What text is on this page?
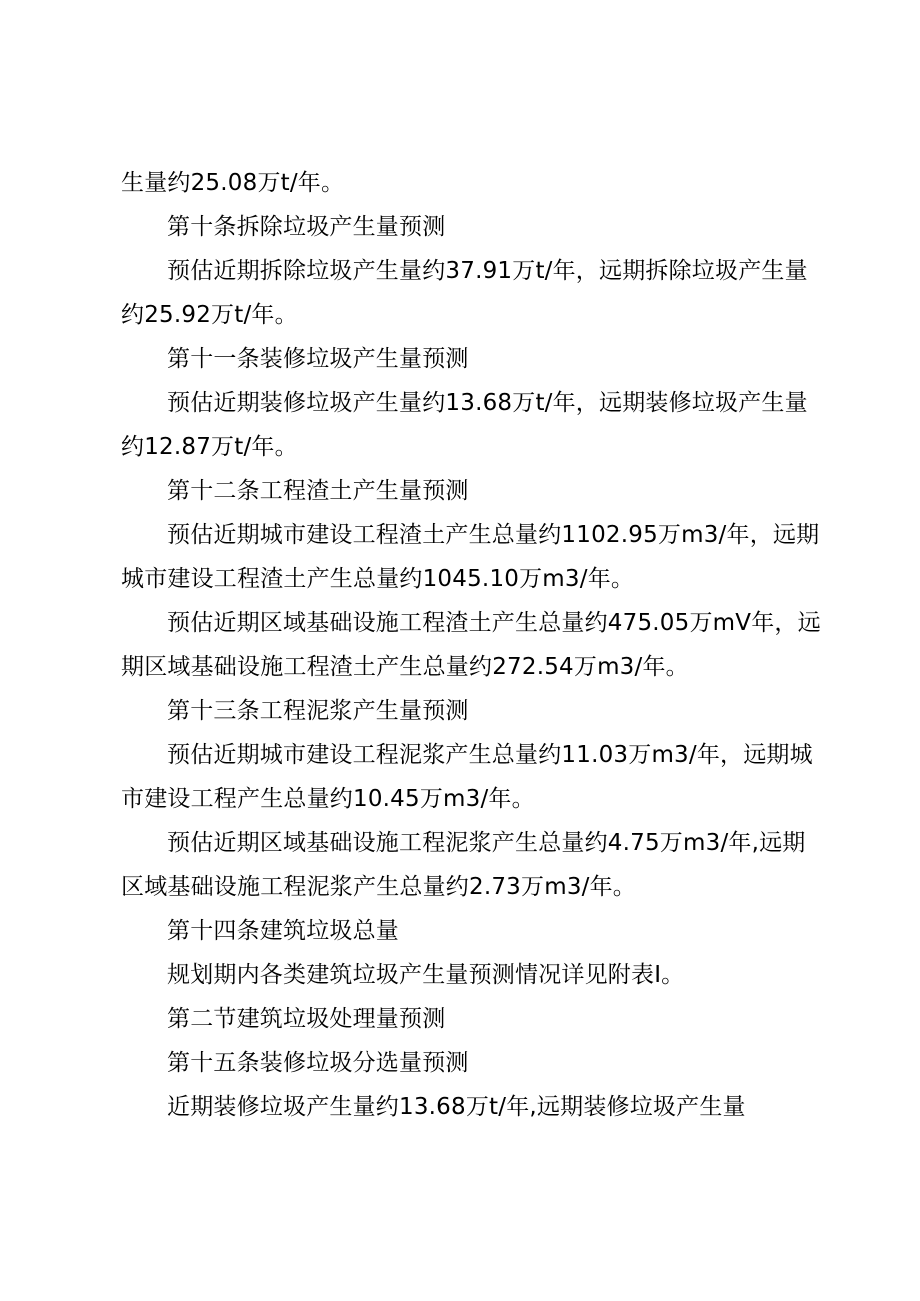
生量约25.08万t/年。
第十条拆除垃圾产生量预测
预估近期拆除垃圾产生量约37.91万t/年，远期拆除垃圾产生量
约25.92万t/年。
第十一条装修垃圾产生量预测
预估近期装修垃圾产生量约13.68万t/年，远期装修垃圾产生量
约12.87万t/年。
第十二条工程渣土产生量预测
预估近期城市建设工程渣土产生总量约1102.95万m3/年，远期
城市建设工程渣土产生总量约1045.10万m3/年。
预估近期区域基础设施工程渣土产生总量约475.05万mV年，远
期区域基础设施工程渣土产生总量约272.54万m3/年。
第十三条工程泥浆产生量预测
预估近期城市建设工程泥浆产生总量约11.03万m3/年，远期城
市建设工程产生总量约10.45万m3/年。
预估近期区域基础设施工程泥浆产生总量约4.75万m3/年,远期
区域基础设施工程泥浆产生总量约2.73万m3/年。
第十四条建筑垃圾总量
规划期内各类建筑垃圾产生量预测情况详见附表I。
第二节建筑垃圾处理量预测
第十五条装修垃圾分选量预测
近期装修垃圾产生量约13.68万t/年,远期装修垃圾产生量
